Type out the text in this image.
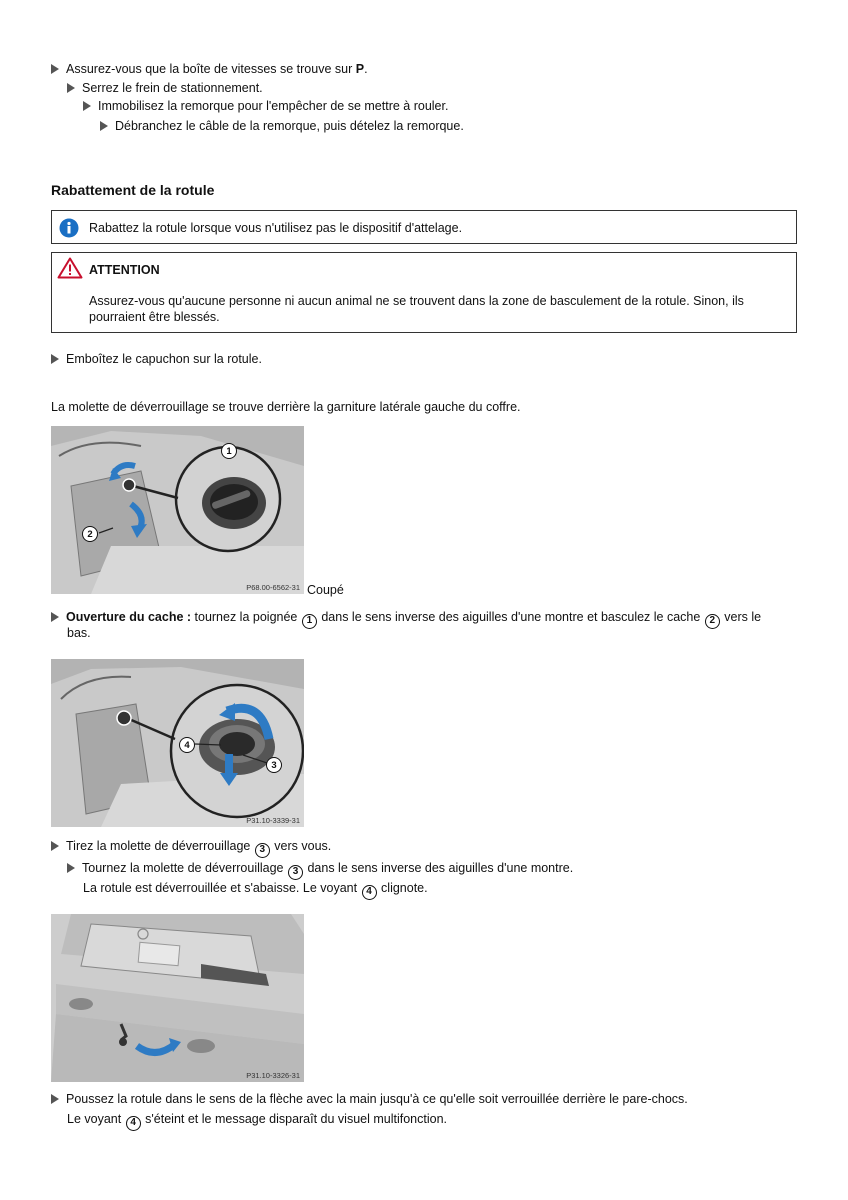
Assurez-vous que la boîte de vitesses se trouve sur P.
Serrez le frein de stationnement.
Immobilisez la remorque pour l'empêcher de se mettre à rouler.
Débranchez le câble de la remorque, puis dételez la remorque.
Rabattement de la rotule
Rabattez la rotule lorsque vous n'utilisez pas le dispositif d'attelage.
ATTENTION
Assurez-vous qu'aucune personne ni aucun animal ne se trouvent dans la zone de basculement de la rotule. Sinon, ils
pourraient être blessés.
Emboîtez le capuchon sur la rotule.
La molette de déverrouillage se trouve derrière la garniture latérale gauche du coffre.
1
2
P68.00-6562-31 Coupé
Ouverture du cache : tournez la poignée 1 dans le sens inverse des aiguilles d'une montre et basculez le cache 2 vers le
bas.
4
3
P31.10-3339-31
Tirez la molette de déverrouillage 3 vers vous.
Tournez la molette de déverrouillage 3 dans le sens inverse des aiguilles d'une montre.
La rotule est déverrouillée et s'abaisse. Le voyant 4 clignote.
P31.10-3326-31
Poussez la rotule dans le sens de la flèche avec la main jusqu'à ce qu'elle soit verrouillée derrière le pare-chocs.
Le voyant 4 s'éteint et le message disparaît du visuel multifonction.
